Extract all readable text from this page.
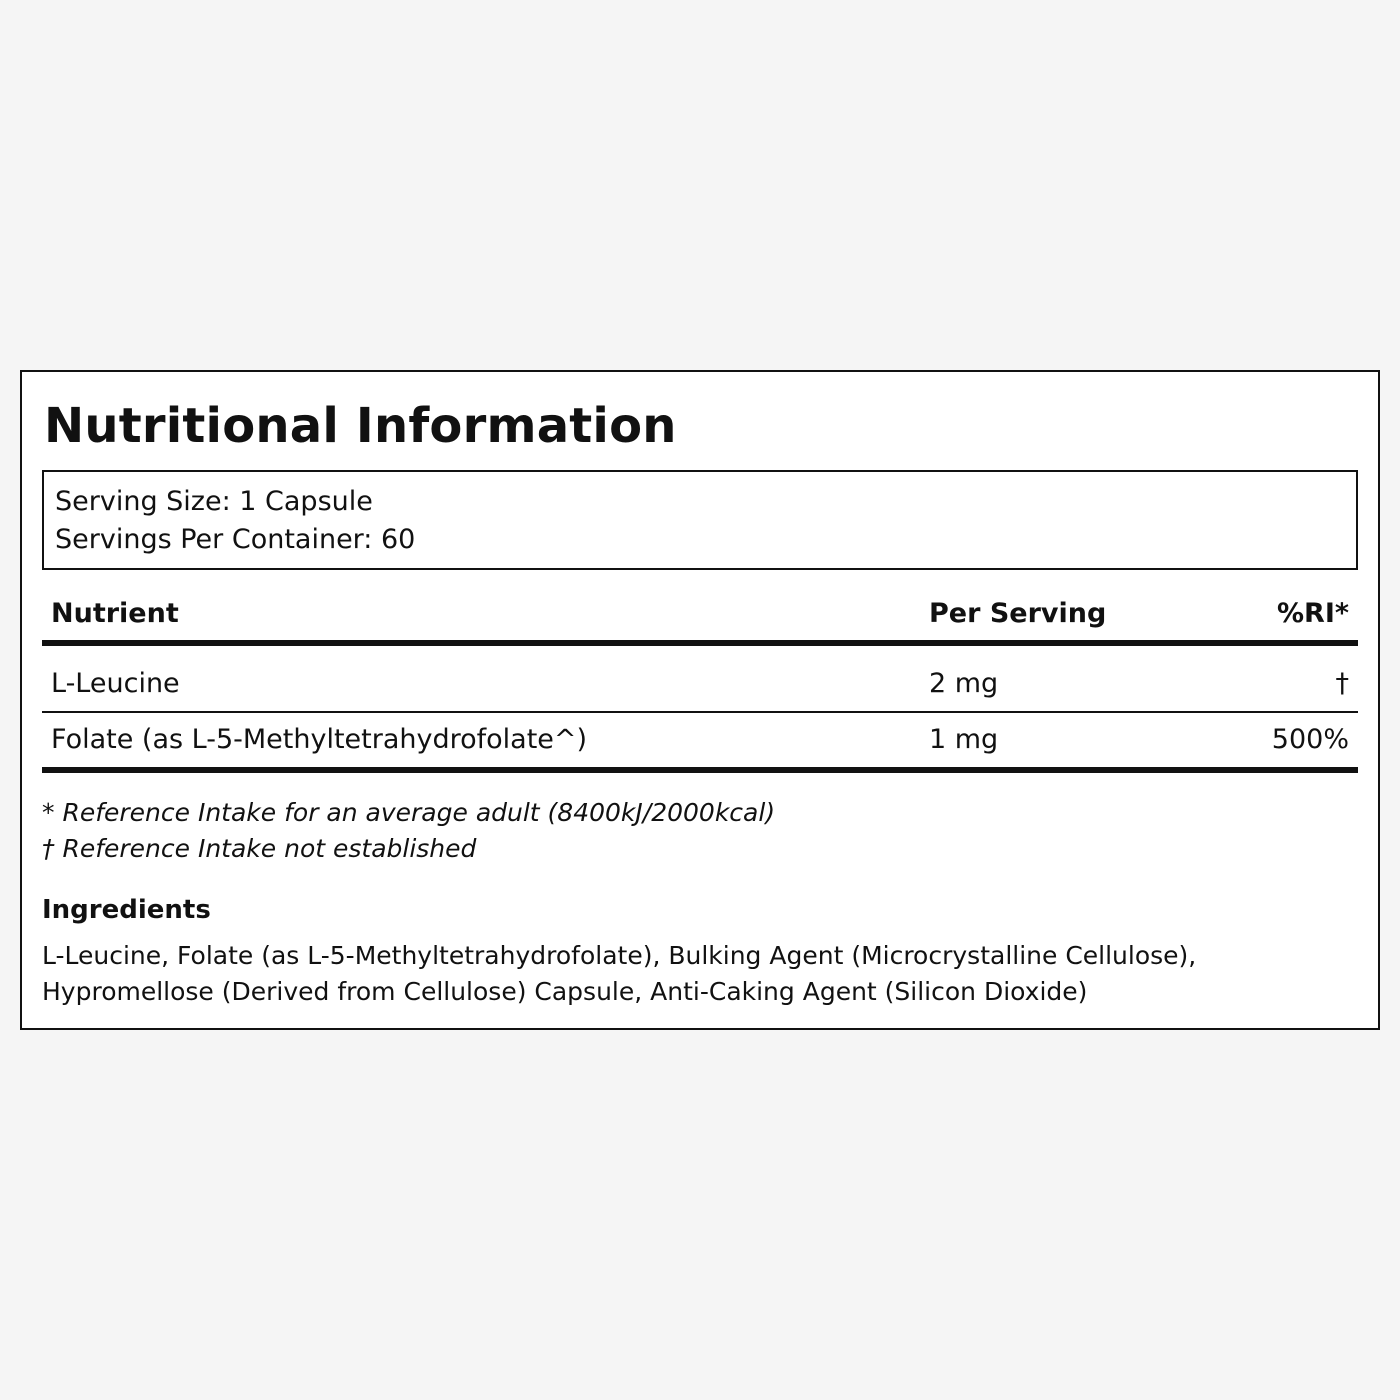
Nutritional Information
Serving Size: 1 Capsule
Servings Per Container: 60
Nutrient	Per Serving	%RI*
L-Leucine	2 mg	†
Folate (as L-5-Methyltetrahydrofolate^)	1 mg	500%
* Reference Intake for an average adult (8400kJ/2000kcal)
† Reference Intake not established
Ingredients
L-Leucine, Folate (as L-5-Methyltetrahydrofolate), Bulking Agent (Microcrystalline Cellulose), Hypromellose (Derived from Cellulose) Capsule, Anti-Caking Agent (Silicon Dioxide)
